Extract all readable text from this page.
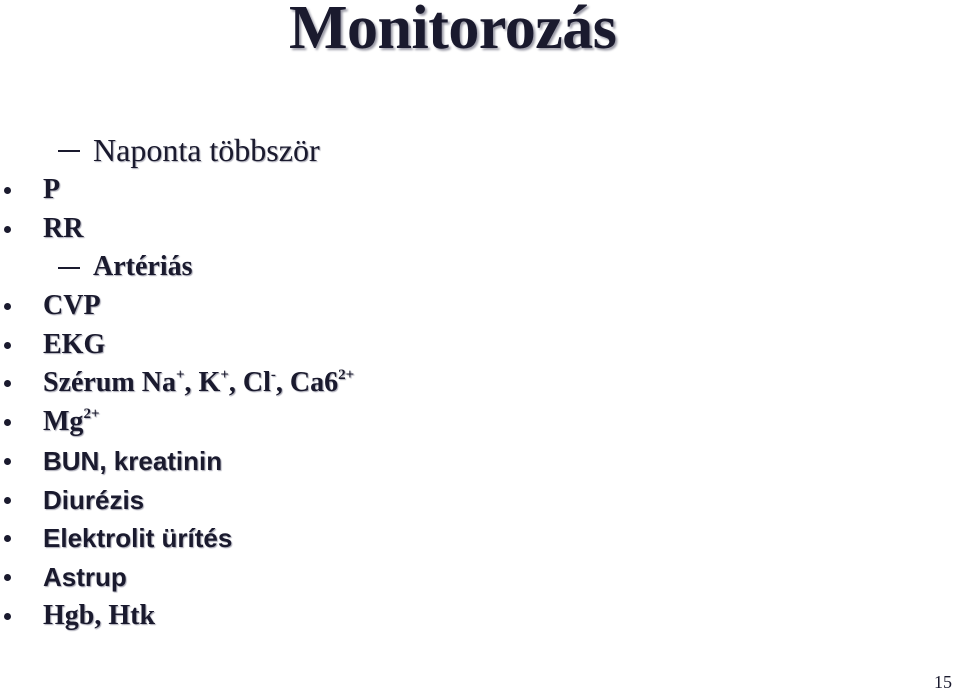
Monitorozás
Naponta többször
P
RR
Artériás
CVP
EKG
Szérum Na+, K+, Cl-, $Ca6^{2+}$
$Mg^{2+}$
BUN, kreatinin
Diurézis
Elektrolit ürítés
Astrup
Hgb, Htk
15
